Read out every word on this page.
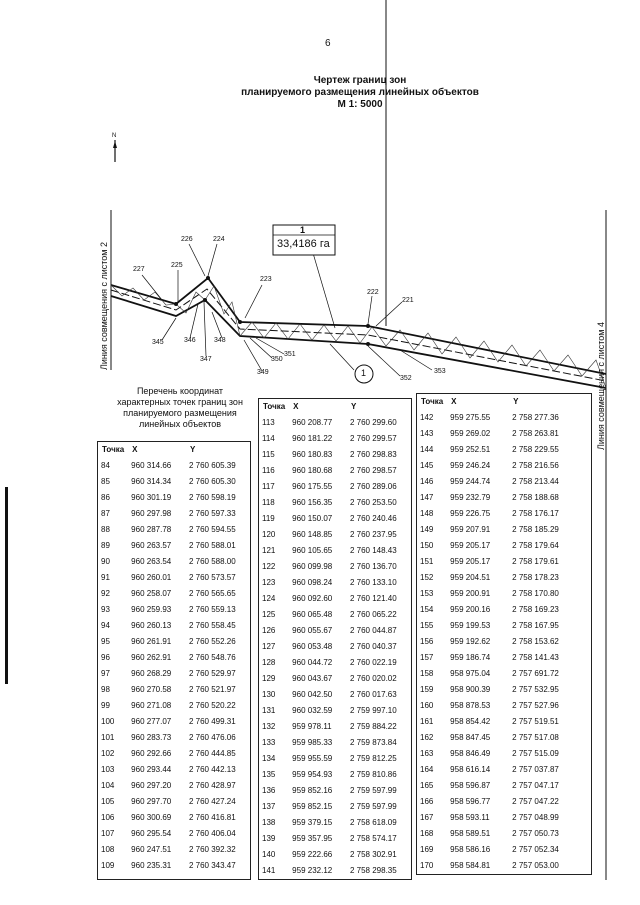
6
Чертеж границ зон
планируемого размещения линейных объектов
М 1: 5000
1
33,4186 га
1
227
225
226	224
223
222
221
345	346
347
348
349
350
351
352
353
N
Линия совмещения с листом 2
Линия совмещения с листом 4
Перечень координат
характерных точек границ зон
планируемого размещения
линейных объектов
Точка	X	Y
84	960 314.66	2 760 605.39
85	960 314.34	2 760 605.30
86	960 301.19	2 760 598.19
87	960 297.98	2 760 597.33
88	960 287.78	2 760 594.55
89	960 263.57	2 760 588.01
90	960 263.54	2 760 588.00
91	960 260.01	2 760 573.57
92	960 258.07	2 760 565.65
93	960 259.93	2 760 559.13
94	960 260.13	2 760 558.45
95	960 261.91	2 760 552.26
96	960 262.91	2 760 548.76
97	960 268.29	2 760 529.97
98	960 270.58	2 760 521.97
99	960 271.08	2 760 520.22
100	960 277.07	2 760 499.31
101	960 283.73	2 760 476.06
102	960 292.66	2 760 444.85
103	960 293.44	2 760 442.13
104	960 297.20	2 760 428.97
105	960 297.70	2 760 427.24
106	960 300.69	2 760 416.81
107	960 295.54	2 760 406.04
108	960 247.51	2 760 392.32
109	960 235.31	2 760 343.47
Точка	X	Y
113	960 208.77	2 760 299.60
114	960 181.22	2 760 299.57
115	960 180.83	2 760 298.83
116	960 180.68	2 760 298.57
117	960 175.55	2 760 289.06
118	960 156.35	2 760 253.50
119	960 150.07	2 760 240.46
120	960 148.85	2 760 237.95
121	960 105.65	2 760 148.43
122	960 099.98	2 760 136.70
123	960 098.24	2 760 133.10
124	960 092.60	2 760 121.40
125	960 065.48	2 760 065.22
126	960 055.67	2 760 044.87
127	960 053.48	2 760 040.37
128	960 044.72	2 760 022.19
129	960 043.67	2 760 020.02
130	960 042.50	2 760 017.63
131	960 032.59	2 759 997.10
132	959 978.11	2 759 884.22
133	959 985.33	2 759 873.84
134	959 955.59	2 759 812.25
135	959 954.93	2 759 810.86
136	959 852.16	2 759 597.99
137	959 852.15	2 759 597.99
138	959 379.15	2 758 618.09
139	959 357.95	2 758 574.17
140	959 222.66	2 758 302.91
141	959 232.12	2 758 298.35
Точка	X	Y
142	959 275.55	2 758 277.36
143	959 269.02	2 758 263.81
144	959 252.51	2 758 229.55
145	959 246.24	2 758 216.56
146	959 244.74	2 758 213.44
147	959 232.79	2 758 188.68
148	959 226.75	2 758 176.17
149	959 207.91	2 758 185.29
150	959 205.17	2 758 179.64
151	959 205.17	2 758 179.61
152	959 204.51	2 758 178.23
153	959 200.91	2 758 170.80
154	959 200.16	2 758 169.23
155	959 199.53	2 758 167.95
156	959 192.62	2 758 153.62
157	959 186.74	2 758 141.43
158	958 975.04	2 757 691.72
159	958 900.39	2 757 532.95
160	958 878.53	2 757 527.96
161	958 854.42	2 757 519.51
162	958 847.45	2 757 517.08
163	958 846.49	2 757 515.09
164	958 616.14	2 757 037.87
165	958 596.87	2 757 047.17
166	958 596.77	2 757 047.22
167	958 593.11	2 757 048.99
168	958 589.51	2 757 050.73
169	958 586.16	2 757 052.34
170	958 584.81	2 757 053.00
